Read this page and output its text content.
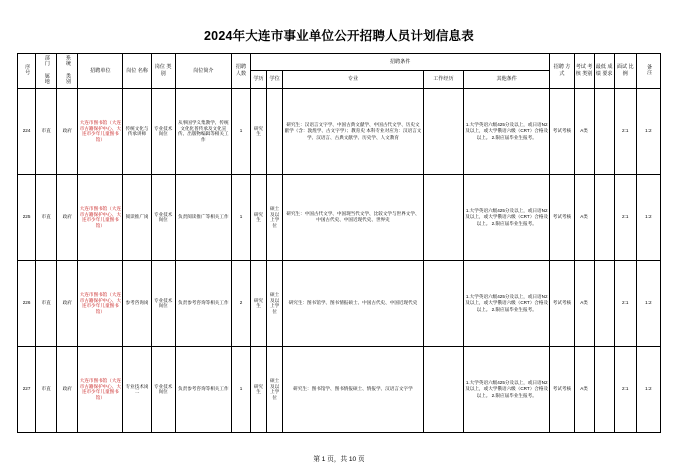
2024年大连市事业单位公开招聘人员计划信息表
序号	部门 属地	系统 类别	招聘单位	岗位 名称	岗位 类别	岗位简介	招聘 人数	招聘条件					招聘 方式	考试 考核 类别	最低 成绩 要求	面试 比例	备注
								学历	学位	专业	工作经历	其他条件					
224	市直	政府	大连市图书馆（大连市古籍保护中心、大连市少年儿童图书馆）	传统文化与传承讲师	专业技术岗位	从事国学义集教学、传统文化化普传承及文化宣传、出版物编辑等相关工作	1	研究生		研究生：汉语言文字学、中国古典文献学、中国古代文学、历史文献学（含：敦煌学、古文字学）；教育史 本科专业对应为：汉语言文学、汉语言、古典文献学、历史学、人文教育		1.大学英语六级425分及以上，或日语N2及以上，或大学俄语六级（CRT）合格及以上。 2.限应届毕业生报考。	考试考核	A类		2:1	1:2
225	市直	政府	大连市图书馆（大连市古籍保护中心、大连市少年儿童图书馆）	阅读推广岗	专业技术岗位	负责阅读推广等相关工作	1	研究生	硕士及以上学位	研究生：中国古代文学、中国现当代文学、比较文学与世界文学、中国古代史、中国近现代史、世界史		1.大学英语六级425分及以上，或日语N2及以上，或大学俄语六级（CRT）合格及以上。 2.限应届毕业生报考。	考试考核	A类		2:1	1:2
226	市直	政府	大连市图书馆（大连市古籍保护中心、大连市少年儿童图书馆）	参考咨询岗	专业技术岗位	负责参考咨询等相关工作	2	研究生	硕士及以上学位	研究生：图书馆学、图书情报硕士、中国古代史、中国近现代史		1.大学英语六级425分及以上，或日语N2及以上，或大学俄语六级（CRT）合格及以上。 2.限应届毕业生报考。	考试考核	A类		2:1	1:2
227	市直	政府	大连市图书馆（大连市古籍保护中心、大连市少年儿童图书馆）	专业技术岗二	专业技术岗位	负责参考咨询等相关工作	1	研究生	硕士及以上学位	研究生：图书馆学、图书情报硕士、情报学、汉语言文字学		1.大学英语六级425分及以上，或日语N2及以上，或大学俄语六级（CRT）合格及以上。 2.限应届毕业生报考。	考试考核	A类		2:1	1:2
第 1 页，共 10 页
